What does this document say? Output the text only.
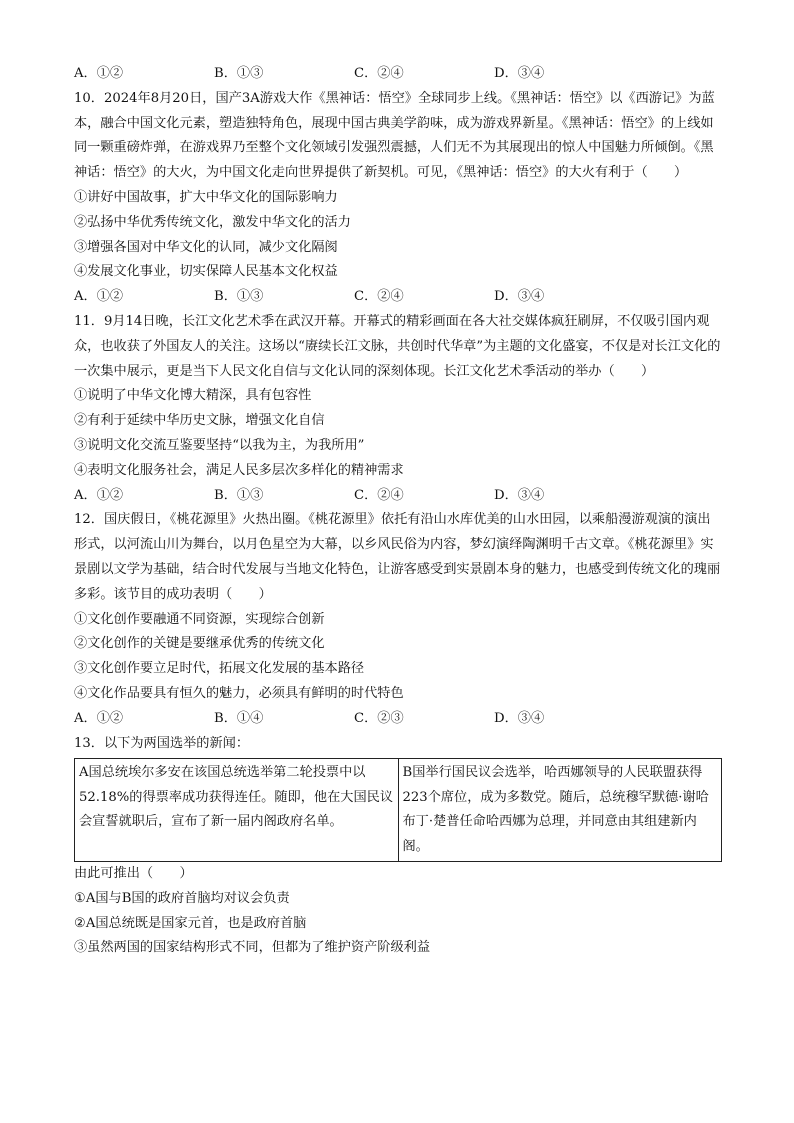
A．①②	B．①③	C．②④	D．③④

10．2024年8月20日，国产3A游戏大作《黑神话：悟空》全球同步上线。《黑神话：悟空》以《西游记》为蓝本，融合中国文化元素，塑造独特角色，展现中国古典美学韵味，成为游戏界新星。《黑神话：悟空》的上线如同一颗重磅炸弹，在游戏界乃至整个文化领域引发强烈震撼，人们无不为其展现出的惊人中国魅力所倾倒。《黑神话：悟空》的大火，为中国文化走向世界提供了新契机。可见，《黑神话：悟空》的大火有利于（　　）

①讲好中国故事，扩大中华文化的国际影响力
②弘扬中华优秀传统文化，激发中华文化的活力
③增强各国对中华文化的认同，减少文化隔阂
④发展文化事业，切实保障人民基本文化权益
A．①②	B．①③	C．②④	D．③④

11．9月14日晚，长江文化艺术季在武汉开幕。开幕式的精彩画面在各大社交媒体疯狂刷屏，不仅吸引国内观众，也收获了外国友人的关注。这场以“赓续长江文脉，共创时代华章”为主题的文化盛宴，不仅是对长江文化的一次集中展示，更是当下人民文化自信与文化认同的深刻体现。长江文化艺术季活动的举办（　　）

①说明了中华文化博大精深，具有包容性
②有利于延续中华历史文脉，增强文化自信
③说明文化交流互鉴要坚持“以我为主，为我所用”
④表明文化服务社会，满足人民多层次多样化的精神需求
A．①②	B．①③	C．②④	D．③④

12．国庆假日，《桃花源里》火热出圈。《桃花源里》依托有沿山水库优美的山水田园，以乘船漫游观演的演出形式，以河流山川为舞台，以月色星空为大幕，以乡风民俗为内容，梦幻演绎陶渊明千古文章。《桃花源里》实景剧以文学为基础，结合时代发展与当地文化特色，让游客感受到实景剧本身的魅力，也感受到传统文化的瑰丽多彩。该节目的成功表明（　　）

①文化创作要融通不同资源，实现综合创新
②文化创作的关键是要继承优秀的传统文化
③文化创作要立足时代，拓展文化发展的基本路径
④文化作品要具有恒久的魅力，必须具有鲜明的时代特色
A．①②	B．①④	C．②③	D．③④
13．以下为两国选举的新闻：
A国总统埃尔多安在该国总统选举第二轮投票中以52.18%的得票率成功获得连任。随即，他在大国民议会宣誓就职后，宣布了新一届内阁政府名单。	B国举行国民议会选举，哈西娜领导的人民联盟获得223个席位，成为多数党。随后，总统穆罕默德·谢哈布丁·楚普任命哈西娜为总理，并同意由其组建新内阁。
由此可推出（　　）
①A国与B国的政府首脑均对议会负责
②A国总统既是国家元首，也是政府首脑
③虽然两国的国家结构形式不同，但都为了维护资产阶级利益
